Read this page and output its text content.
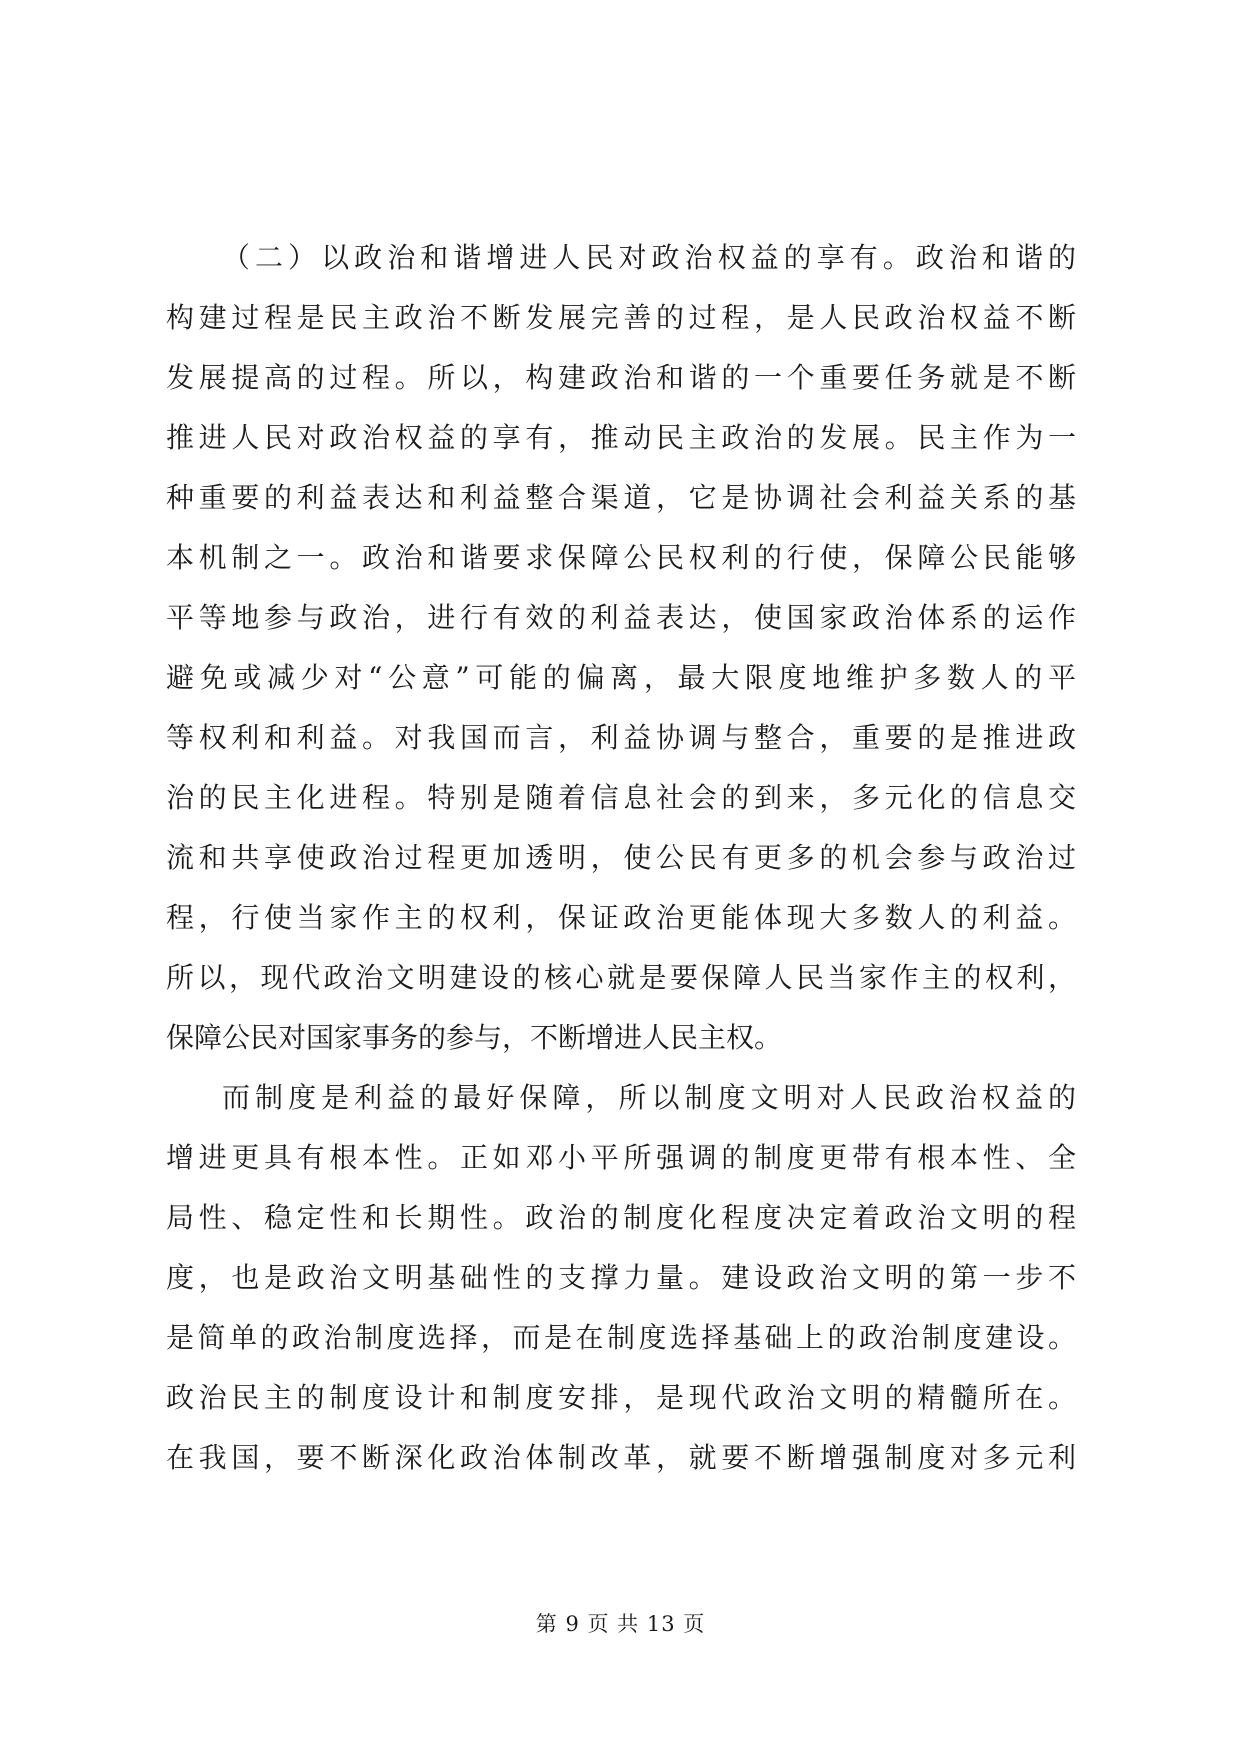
（二）以政治和谐增进人民对政治权益的享有。政治和谐的
构建过程是民主政治不断发展完善的过程，是人民政治权益不断
发展提高的过程。所以，构建政治和谐的一个重要任务就是不断
推进人民对政治权益的享有，推动民主政治的发展。民主作为一
种重要的利益表达和利益整合渠道，它是协调社会利益关系的基
本机制之一。政治和谐要求保障公民权利的行使，保障公民能够
平等地参与政治，进行有效的利益表达，使国家政治体系的运作
避免或减少对“公意”可能的偏离，最大限度地维护多数人的平
等权利和利益。对我国而言，利益协调与整合，重要的是推进政
治的民主化进程。特别是随着信息社会的到来，多元化的信息交
流和共享使政治过程更加透明，使公民有更多的机会参与政治过
程，行使当家作主的权利，保证政治更能体现大多数人的利益。
所以，现代政治文明建设的核心就是要保障人民当家作主的权利，
保障公民对国家事务的参与，不断增进人民主权。
而制度是利益的最好保障，所以制度文明对人民政治权益的
增进更具有根本性。正如邓小平所强调的制度更带有根本性、全
局性、稳定性和长期性。政治的制度化程度决定着政治文明的程
度，也是政治文明基础性的支撑力量。建设政治文明的第一步不
是简单的政治制度选择，而是在制度选择基础上的政治制度建设。
政治民主的制度设计和制度安排，是现代政治文明的精髓所在。
在我国，要不断深化政治体制改革，就要不断增强制度对多元利
第 9 页 共 13 页
